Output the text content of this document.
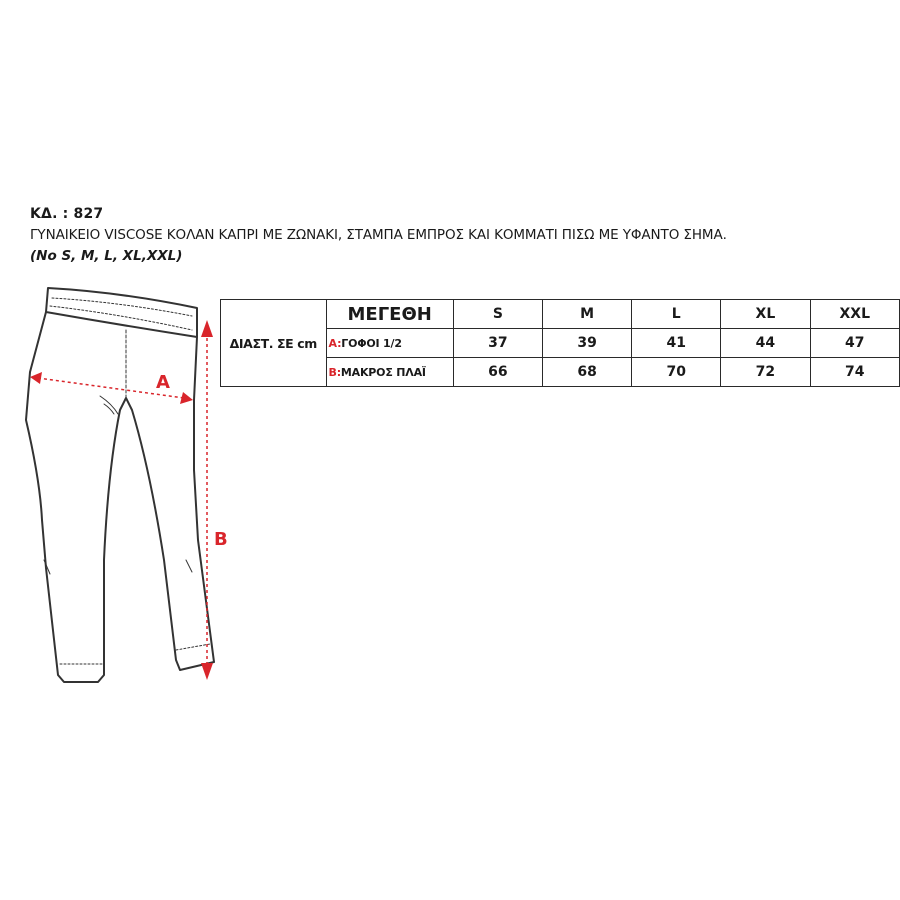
ΚΔ. : 827
ΓΥΝΑΙΚΕΙΟ VISCOSE ΚΟΛΑΝ ΚΑΠΡΙ ΜΕ ΖΩΝΑΚΙ, ΣΤΑΜΠΑ ΕΜΠΡΟΣ ΚΑΙ ΚΟΜΜΑΤΙ ΠΙΣΩ ΜΕ ΥΦΑΝΤΟ ΣΗΜΑ.
(No S, M, L, XL,XXL)
A
B
ΔΙΑΣΤ. ΣΕ cm	ΜΕΓΕΘΗ	S	M	L	XL	XXL
	A:ΓΟΦΟΙ 1/2	37	39	41	44	47
	B:ΜΑΚΡΟΣ ΠΛΑΪ	66	68	70	72	74
